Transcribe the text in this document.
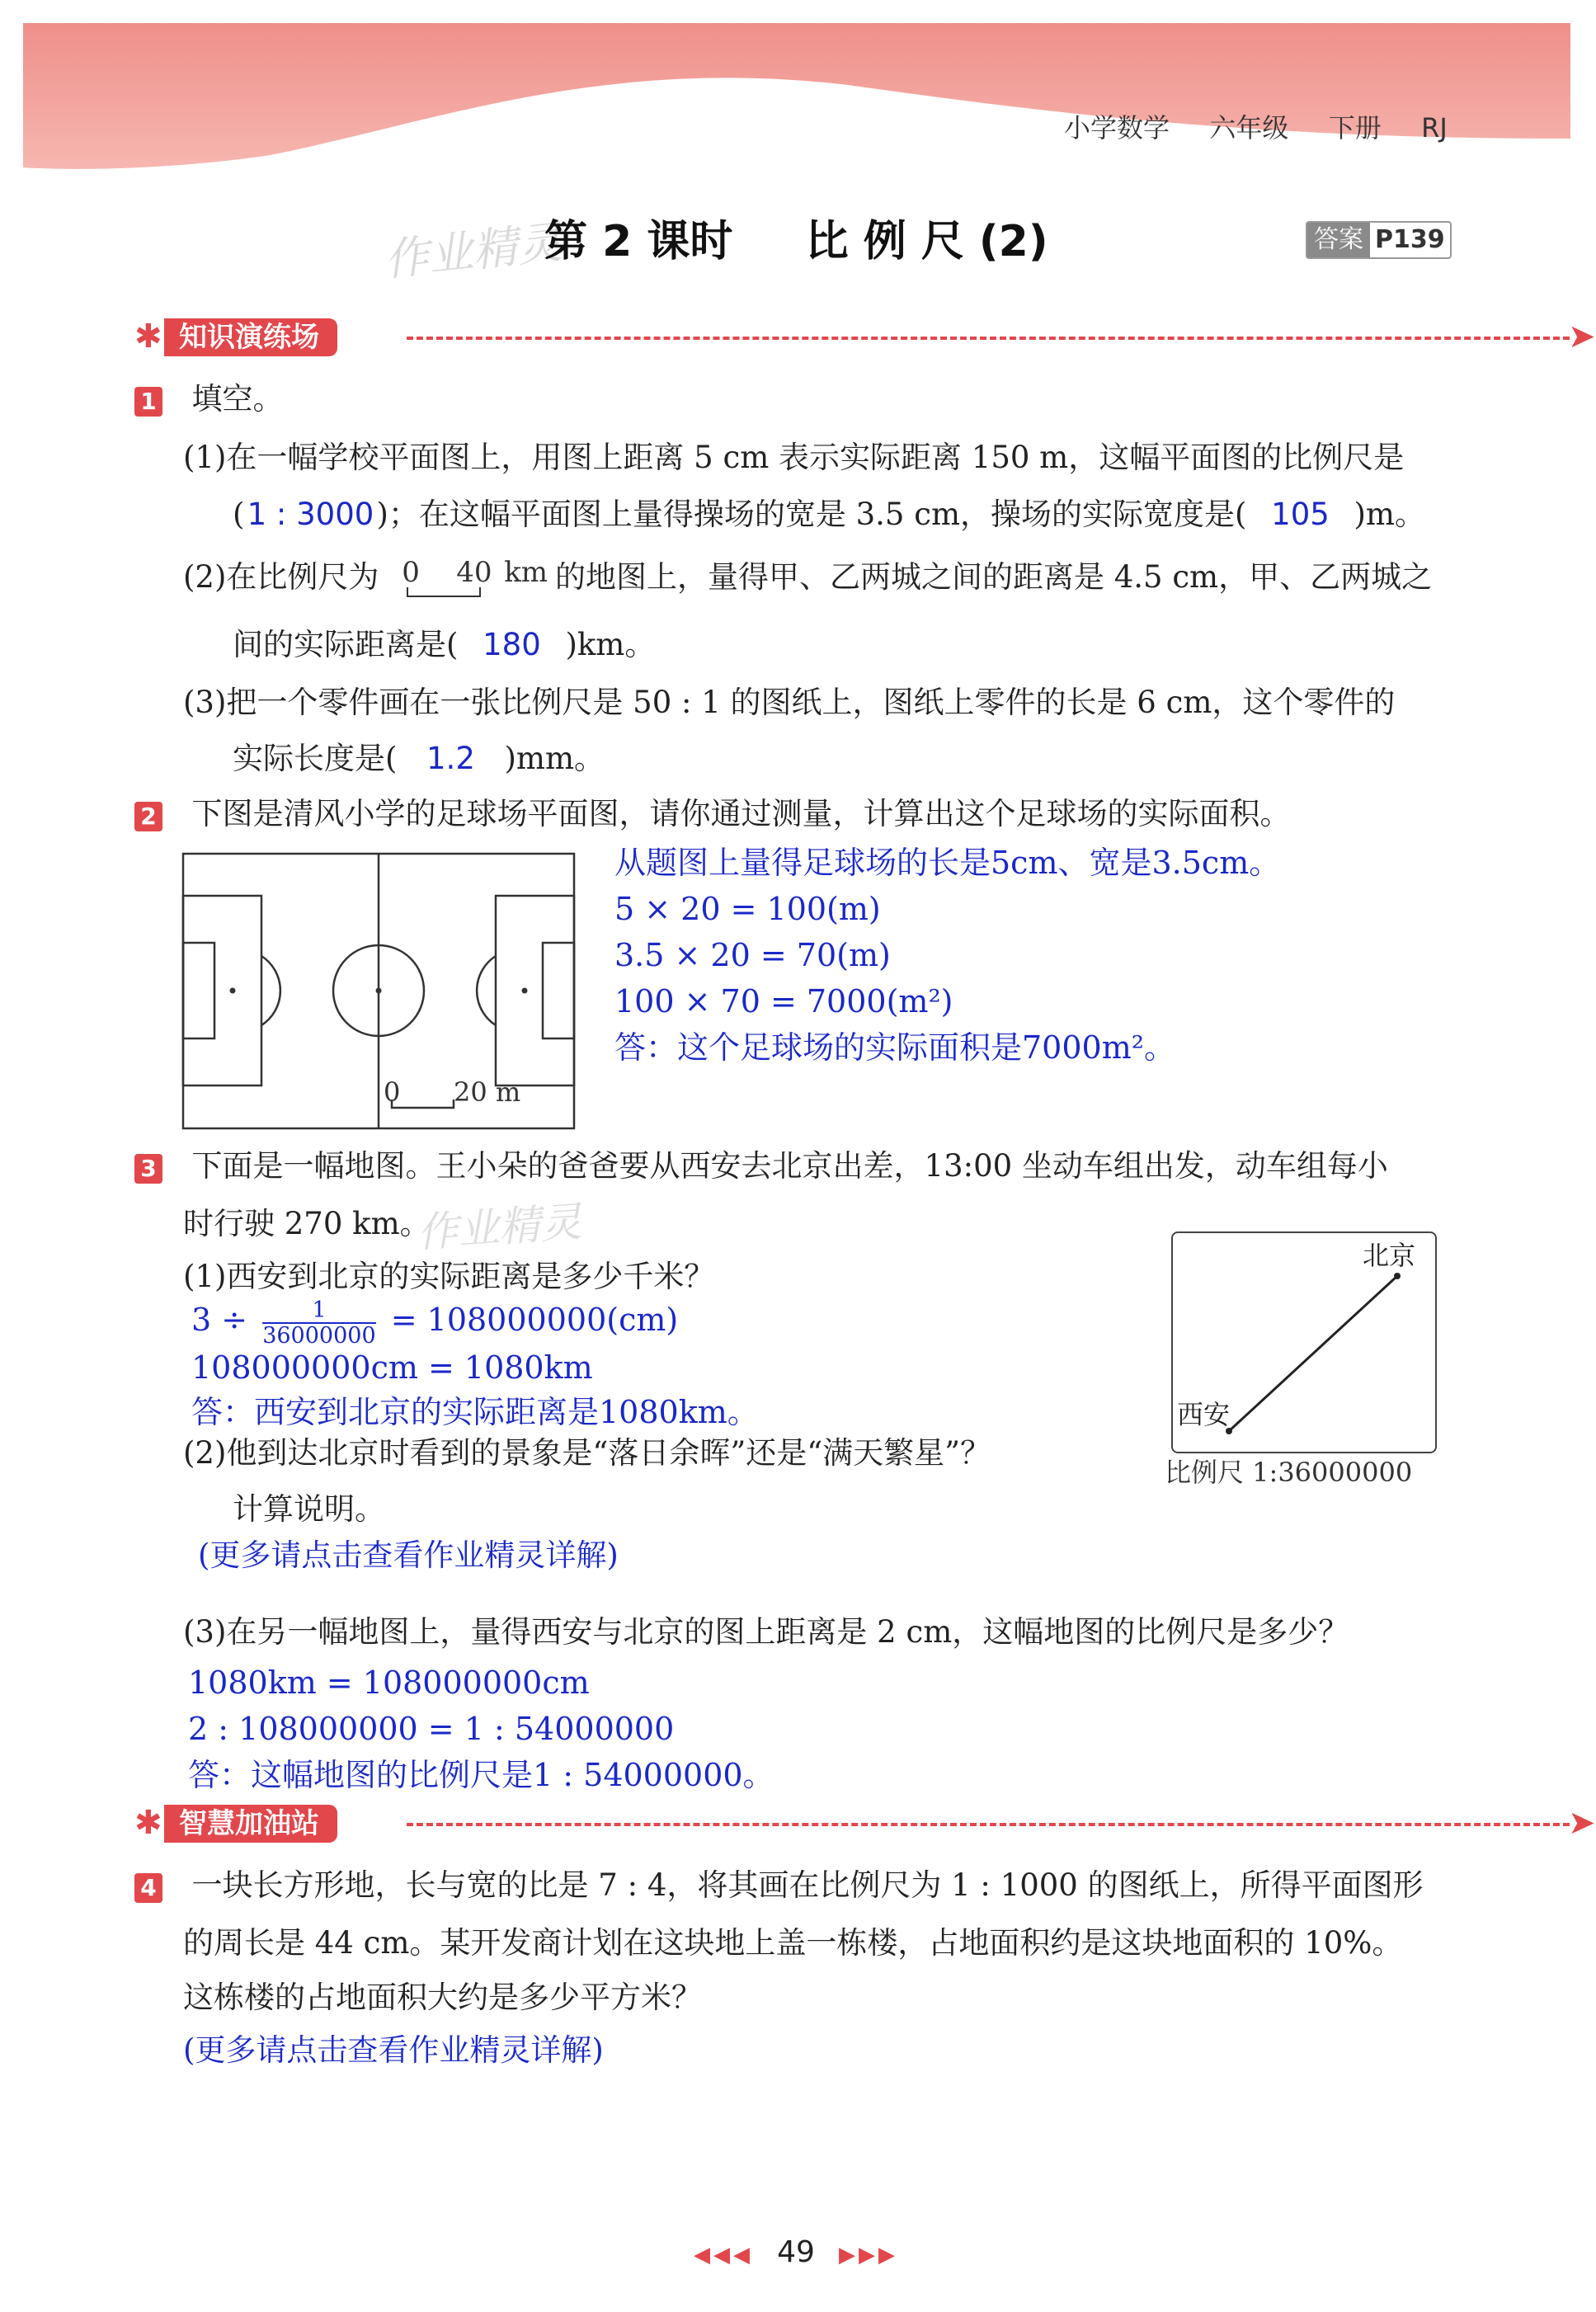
小学数学 六年级 下册 RJ
作业精灵
第 2 课时 比 例 尺 (2)	答案 P139
✱ 知识演练场	➤
1 填空。
(1)在一幅学校平面图上，用图上距离 5 cm 表示实际距离 150 m，这幅平面图的比例尺是
(1 : 3000)；在这幅平面图上量得操场的宽是 3.5 cm，操场的实际宽度是( 105 )m。
(2)在比例尺为 0 40 km 的地图上，量得甲、乙两城之间的距离是 4.5 cm，甲、乙两城之
间的实际距离是( 180 )km。
(3)把一个零件画在一张比例尺是 50 : 1 的图纸上，图纸上零件的长是 6 cm，这个零件的
实际长度是( 1.2 )mm。
2 下图是清风小学的足球场平面图，请你通过测量，计算出这个足球场的实际面积。
0 20 m
从题图上量得足球场的长是5cm、宽是3.5cm。
5 × 20 = 100(m)
3.5 × 20 = 70(m)
100 × 70 = 7000(m²)
答：这个足球场的实际面积是7000m²。
3 下面是一幅地图。王小朵的爸爸要从西安去北京出差，13:00 坐动车组出发，动车组每小
时行驶 270 km。
作业精灵	北京
西安
比例尺 1:36000000
(1)西安到北京的实际距离是多少千米？
$3 \div \frac{1}{36000000} = 108000000(cm)$
108000000cm = 1080km
答：西安到北京的实际距离是1080km。
(2)他到达北京时看到的景象是“落日余晖”还是“满天繁星”？
计算说明。
(更多请点击查看作业精灵详解)
(3)在另一幅地图上，量得西安与北京的图上距离是 2 cm，这幅地图的比例尺是多少？
1080km = 108000000cm
2 : 108000000 = 1 : 54000000
答：这幅地图的比例尺是1 : 54000000。
✱ 智慧加油站	➤
4 一块长方形地，长与宽的比是 7 : 4，将其画在比例尺为 1 : 1000 的图纸上，所得平面图形
的周长是 44 cm。某开发商计划在这块地上盖一栋楼，占地面积约是这块地面积的 10%。
这栋楼的占地面积大约是多少平方米？
(更多请点击查看作业精灵详解)
◀◀◀ 49 ▶▶▶
